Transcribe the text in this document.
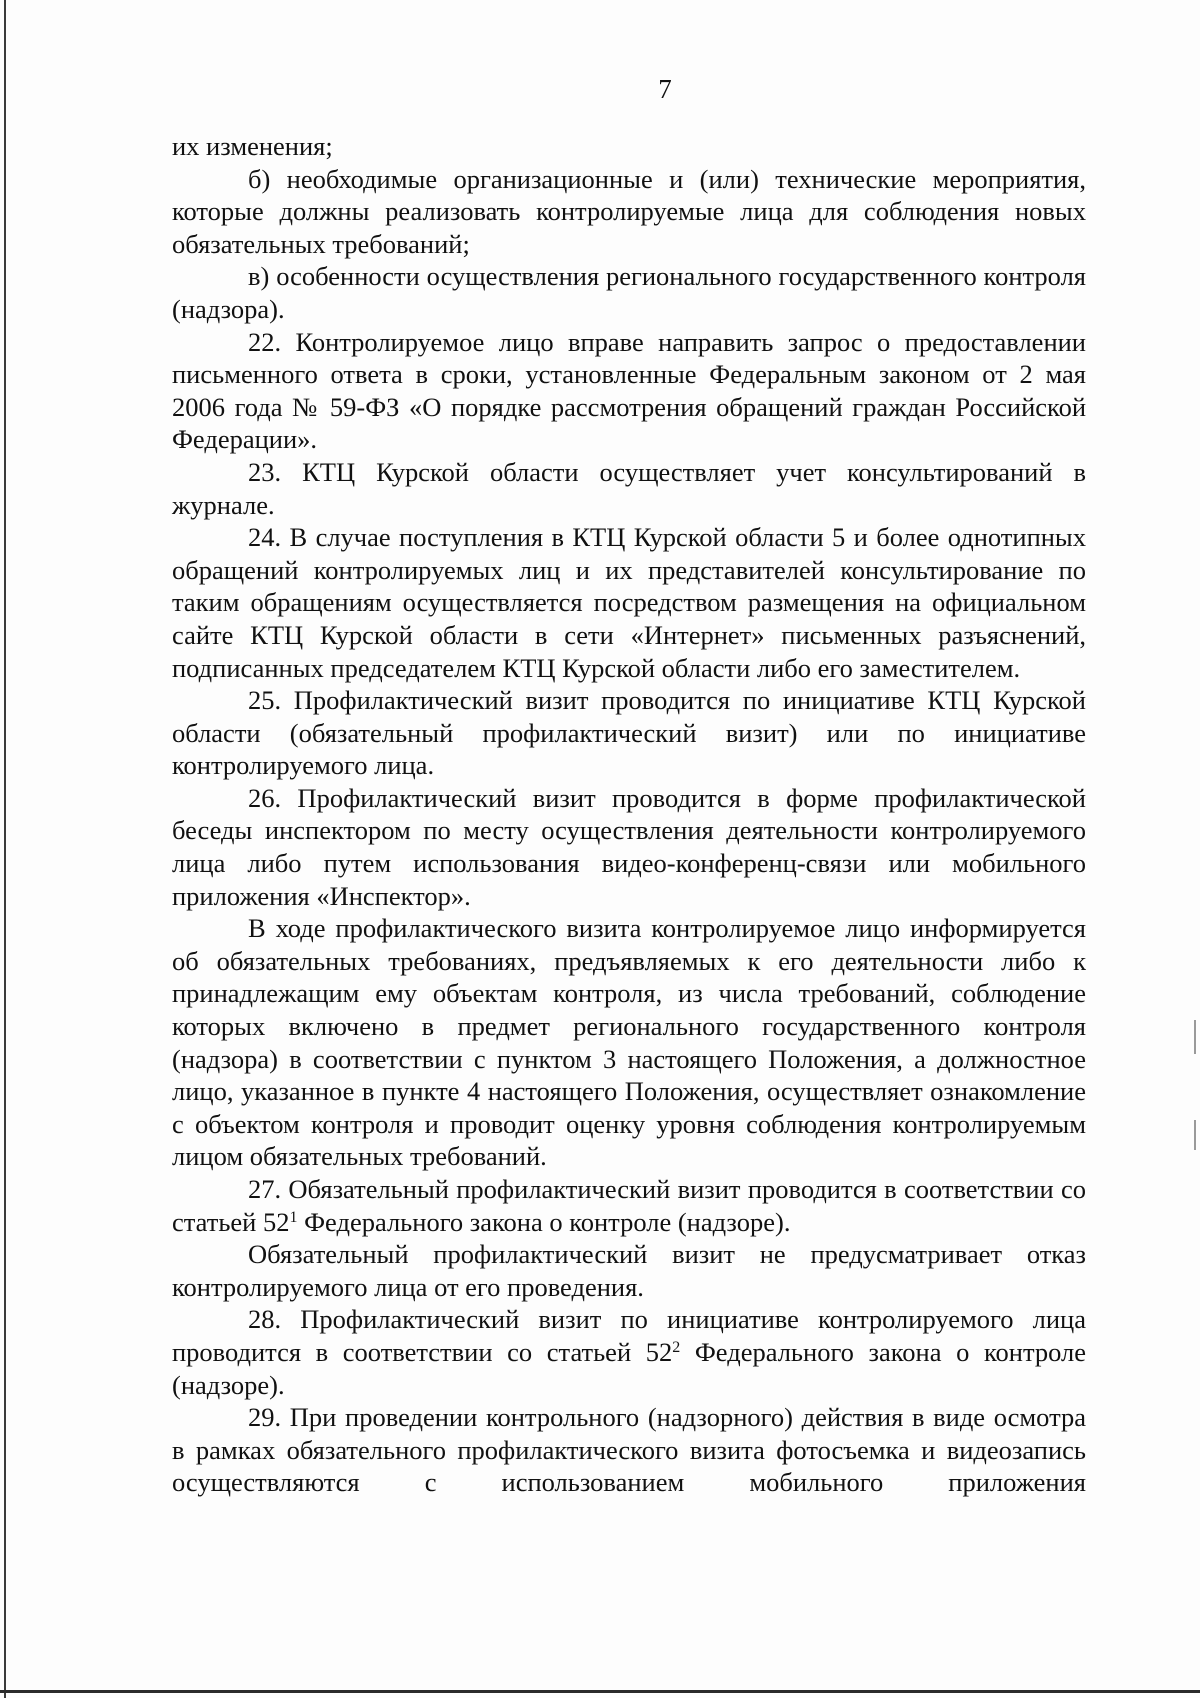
7

их изменения;

б) необходимые организационные и (или) технические мероприятия, которые должны реализовать контролируемые лица для соблюдения новых обязательных требований;

в) особенности осуществления регионального государственного контроля (надзора).

22. Контролируемое лицо вправе направить запрос о предоставлении письменного ответа в сроки, установленные Федеральным законом от 2 мая 2006 года № 59-ФЗ «О порядке рассмотрения обращений граждан Российской Федерации».

23. КТЦ Курской области осуществляет учет консультирований в журнале.

24. В случае поступления в КТЦ Курской области 5 и более однотипных обращений контролируемых лиц и их представителей консультирование по таким обращениям осуществляется посредством размещения на официальном сайте КТЦ Курской области в сети «Интернет» письменных разъяснений, подписанных председателем КТЦ Курской области либо его заместителем.

25. Профилактический визит проводится по инициативе КТЦ Курской области (обязательный профилактический визит) или по инициативе контролируемого лица.

26. Профилактический визит проводится в форме профилактической беседы инспектором по месту осуществления деятельности контролируемого лица либо путем использования видео-конференц-связи или мобильного приложения «Инспектор».

В ходе профилактического визита контролируемое лицо информируется об обязательных требованиях, предъявляемых к его деятельности либо к принадлежащим ему объектам контроля, из числа требований, соблюдение которых включено в предмет регионального государственного контроля (надзора) в соответствии с пунктом 3 настоящего Положения, а должностное лицо, указанное в пункте 4 настоящего Положения, осуществляет ознакомление с объектом контроля и проводит оценку уровня соблюдения контролируемым лицом обязательных требований.

27. Обязательный профилактический визит проводится в соответствии со статьей $52^1$ Федерального закона о контроле (надзоре).

Обязательный профилактический визит не предусматривает отказ контролируемого лица от его проведения.

28. Профилактический визит по инициативе контролируемого лица проводится в соответствии со статьей $52^2$ Федерального закона о контроле (надзоре).

29. При проведении контрольного (надзорного) действия в виде осмотра в рамках обязательного профилактического визита фотосъемка и видеозапись осуществляются с использованием мобильного приложения
